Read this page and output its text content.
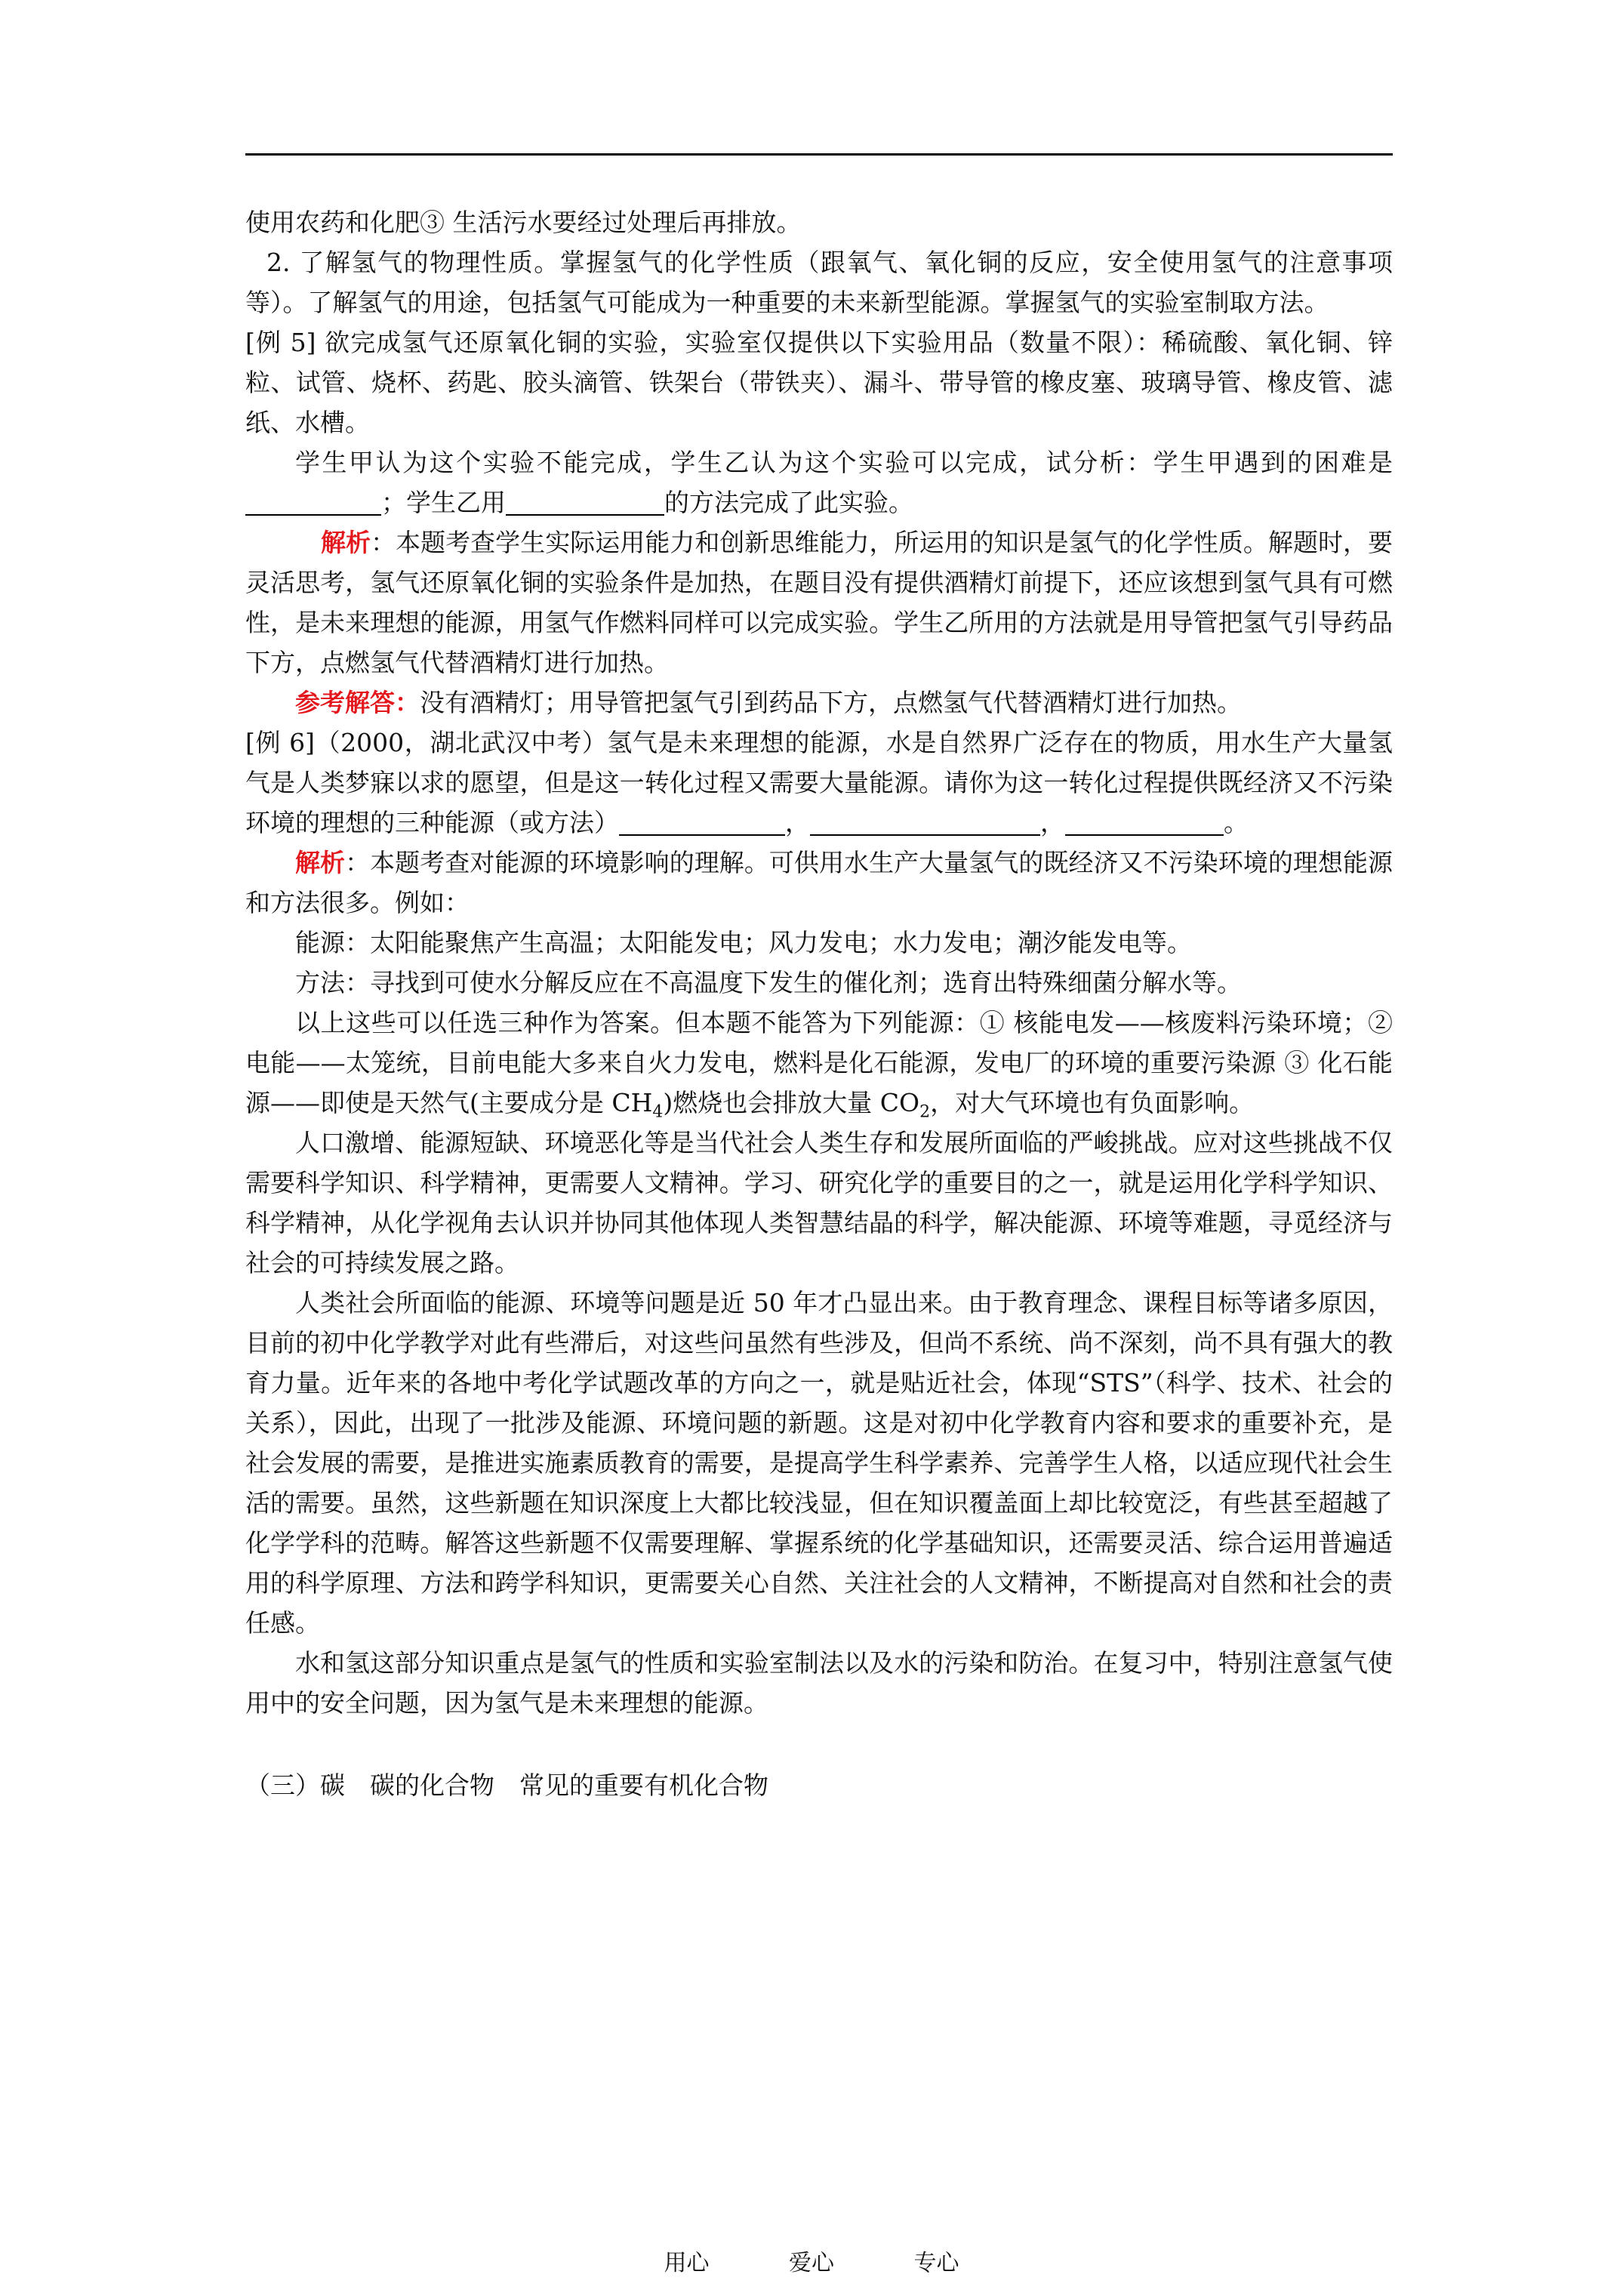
使用农药和化肥③ 生活污水要经过处理后再排放。

2. 了解氢气的物理性质。掌握氢气的化学性质（跟氧气、氧化铜的反应，安全使用氢气的注意事项等）。了解氢气的用途，包括氢气可能成为一种重要的未来新型能源。掌握氢气的实验室制取方法。

[例 5] 欲完成氢气还原氧化铜的实验，实验室仅提供以下实验用品（数量不限）：稀硫酸、氧化铜、锌粒、试管、烧杯、药匙、胶头滴管、铁架台（带铁夹）、漏斗、带导管的橡皮塞、玻璃导管、橡皮管、滤纸、水槽。

学生甲认为这个实验不能完成，学生乙认为这个实验可以完成，试分析：学生甲遇到的困难是；学生乙用	的方法完成了此实验。

解析：本题考查学生实际运用能力和创新思维能力，所运用的知识是氢气的化学性质。解题时，要灵活思考，氢气还原氧化铜的实验条件是加热，在题目没有提供酒精灯前提下，还应该想到氢气具有可燃性，是未来理想的能源，用氢气作燃料同样可以完成实验。学生乙所用的方法就是用导管把氢气引导药品下方，点燃氢气代替酒精灯进行加热。

参考解答：没有酒精灯；用导管把氢气引到药品下方，点燃氢气代替酒精灯进行加热。

[例 6]（2000，湖北武汉中考）氢气是未来理想的能源，水是自然界广泛存在的物质，用水生产大量氢气是人类梦寐以求的愿望，但是这一转化过程又需要大量能源。请你为这一转化过程提供既经济又不污染环境的理想的三种能源（或方法）	，	，	。

解析：本题考查对能源的环境影响的理解。可供用水生产大量氢气的既经济又不污染环境的理想能源和方法很多。例如：

能源：太阳能聚焦产生高温；太阳能发电；风力发电；水力发电；潮汐能发电等。

方法：寻找到可使水分解反应在不高温度下发生的催化剂；选育出特殊细菌分解水等。

以上这些可以任选三种作为答案。但本题不能答为下列能源：① 核能电发——核废料污染环境；② 电能——太笼统，目前电能大多来自火力发电，燃料是化石能源，发电厂的环境的重要污染源 ③ 化石能源——即使是天然气(主要成分是 $CH_4$)燃烧也会排放大量 $CO_2$，对大气环境也有负面影响。

人口激增、能源短缺、环境恶化等是当代社会人类生存和发展所面临的严峻挑战。应对这些挑战不仅需要科学知识、科学精神，更需要人文精神。学习、研究化学的重要目的之一，就是运用化学科学知识、科学精神，从化学视角去认识并协同其他体现人类智慧结晶的科学，解决能源、环境等难题，寻觅经济与社会的可持续发展之路。

人类社会所面临的能源、环境等问题是近 50 年才凸显出来。由于教育理念、课程目标等诸多原因，目前的初中化学教学对此有些滞后，对这些问虽然有些涉及，但尚不系统、尚不深刻，尚不具有强大的教育力量。近年来的各地中考化学试题改革的方向之一，就是贴近社会，体现“STS”（科学、技术、社会的关系），因此，出现了一批涉及能源、环境问题的新题。这是对初中化学教育内容和要求的重要补充，是社会发展的需要，是推进实施素质教育的需要，是提高学生科学素养、完善学生人格，以适应现代社会生活的需要。虽然，这些新题在知识深度上大都比较浅显，但在知识覆盖面上却比较宽泛，有些甚至超越了化学学科的范畴。解答这些新题不仅需要理解、掌握系统的化学基础知识，还需要灵活、综合运用普遍适用的科学原理、方法和跨学科知识，更需要关心自然、关注社会的人文精神，不断提高对自然和社会的责任感。

水和氢这部分知识重点是氢气的性质和实验室制法以及水的污染和防治。在复习中，特别注意氢气使用中的安全问题，因为氢气是未来理想的能源。

（三）碳　碳的化合物　常见的重要有机化合物

用心	爱心	专心
